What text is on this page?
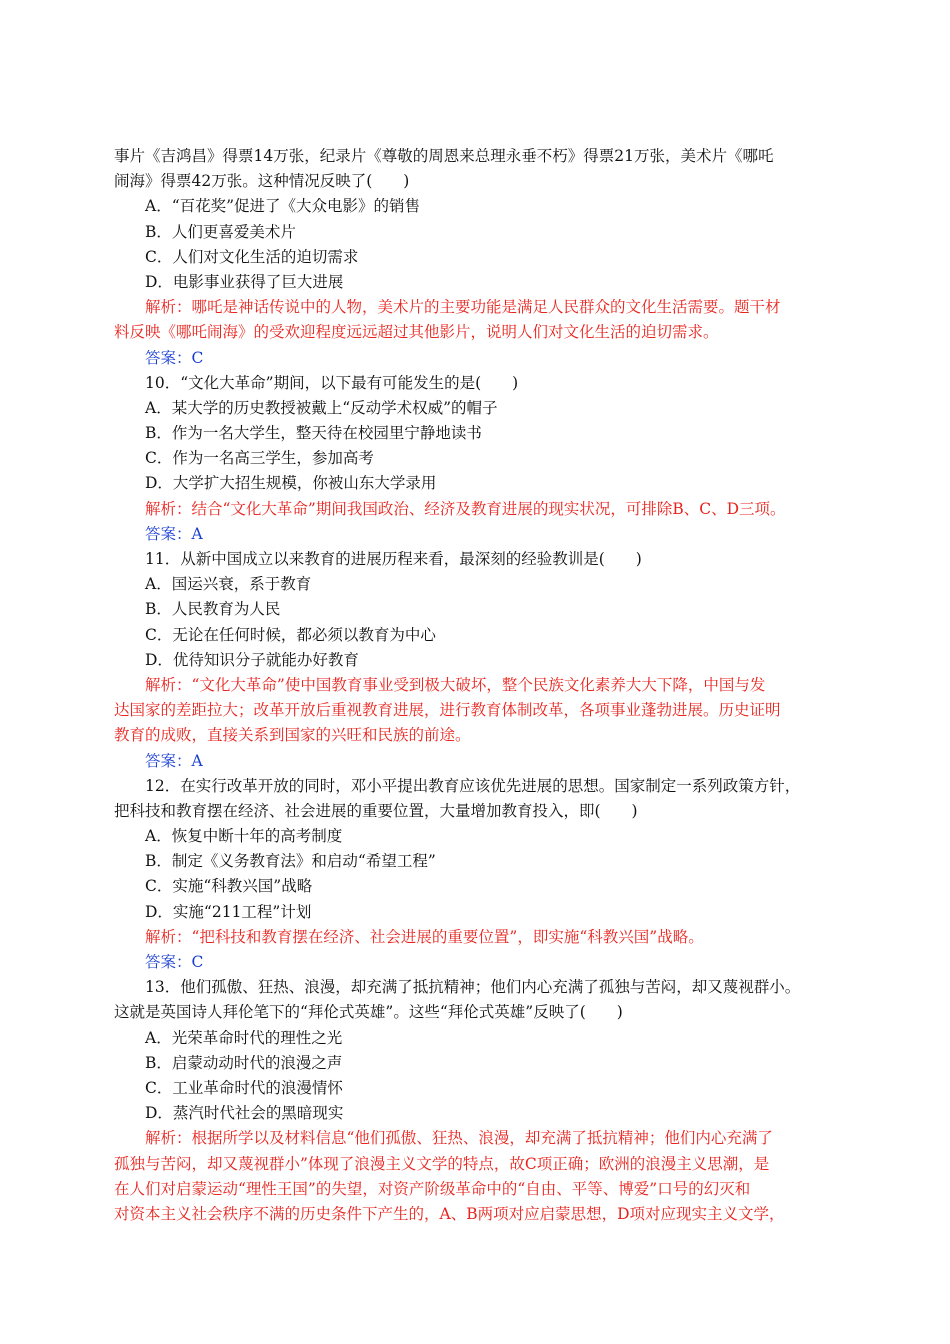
事片《吉鸿昌》得票14万张，纪录片《尊敬的周恩来总理永垂不朽》得票21万张，美术片《哪吒
闹海》得票42万张。这种情况反映了(　　)
A．“百花奖”促进了《大众电影》的销售
B．人们更喜爱美术片
C．人们对文化生活的迫切需求
D．电影事业获得了巨大进展
解析：哪吒是神话传说中的人物，美术片的主要功能是满足人民群众的文化生活需要。题干材
料反映《哪吒闹海》的受欢迎程度远远超过其他影片，说明人们对文化生活的迫切需求。
答案：C
10．“文化大革命”期间，以下最有可能发生的是(　　)
A．某大学的历史教授被戴上“反动学术权威”的帽子
B．作为一名大学生，整天待在校园里宁静地读书
C．作为一名高三学生，参加高考
D．大学扩大招生规模，你被山东大学录用
解析：结合“文化大革命”期间我国政治、经济及教育进展的现实状况，可排除B、C、D三项。
答案：A
11．从新中国成立以来教育的进展历程来看，最深刻的经验教训是(　　)
A．国运兴衰，系于教育
B．人民教育为人民
C．无论在任何时候，都必须以教育为中心
D．优待知识分子就能办好教育
解析：“文化大革命”使中国教育事业受到极大破坏，整个民族文化素养大大下降，中国与发
达国家的差距拉大；改革开放后重视教育进展，进行教育体制改革，各项事业蓬勃进展。历史证明
教育的成败，直接关系到国家的兴旺和民族的前途。
答案：A
12．在实行改革开放的同时，邓小平提出教育应该优先进展的思想。国家制定一系列政策方针，
把科技和教育摆在经济、社会进展的重要位置，大量增加教育投入，即(　　)
A．恢复中断十年的高考制度
B．制定《义务教育法》和启动“希望工程”
C．实施“科教兴国”战略
D．实施“211工程”计划
解析：“把科技和教育摆在经济、社会进展的重要位置”，即实施“科教兴国”战略。
答案：C
13．他们孤傲、狂热、浪漫，却充满了抵抗精神；他们内心充满了孤独与苦闷，却又蔑视群小。
这就是英国诗人拜伦笔下的“拜伦式英雄”。这些“拜伦式英雄”反映了(　　)
A．光荣革命时代的理性之光
B．启蒙动动时代的浪漫之声
C．工业革命时代的浪漫情怀
D．蒸汽时代社会的黑暗现实
解析：根据所学以及材料信息“他们孤傲、狂热、浪漫，却充满了抵抗精神；他们内心充满了
孤独与苦闷，却又蔑视群小”体现了浪漫主义文学的特点，故C项正确；欧洲的浪漫主义思潮，是
在人们对启蒙运动“理性王国”的失望，对资产阶级革命中的“自由、平等、博爱”口号的幻灭和
对资本主义社会秩序不满的历史条件下产生的，A、B两项对应启蒙思想，D项对应现实主义文学，
